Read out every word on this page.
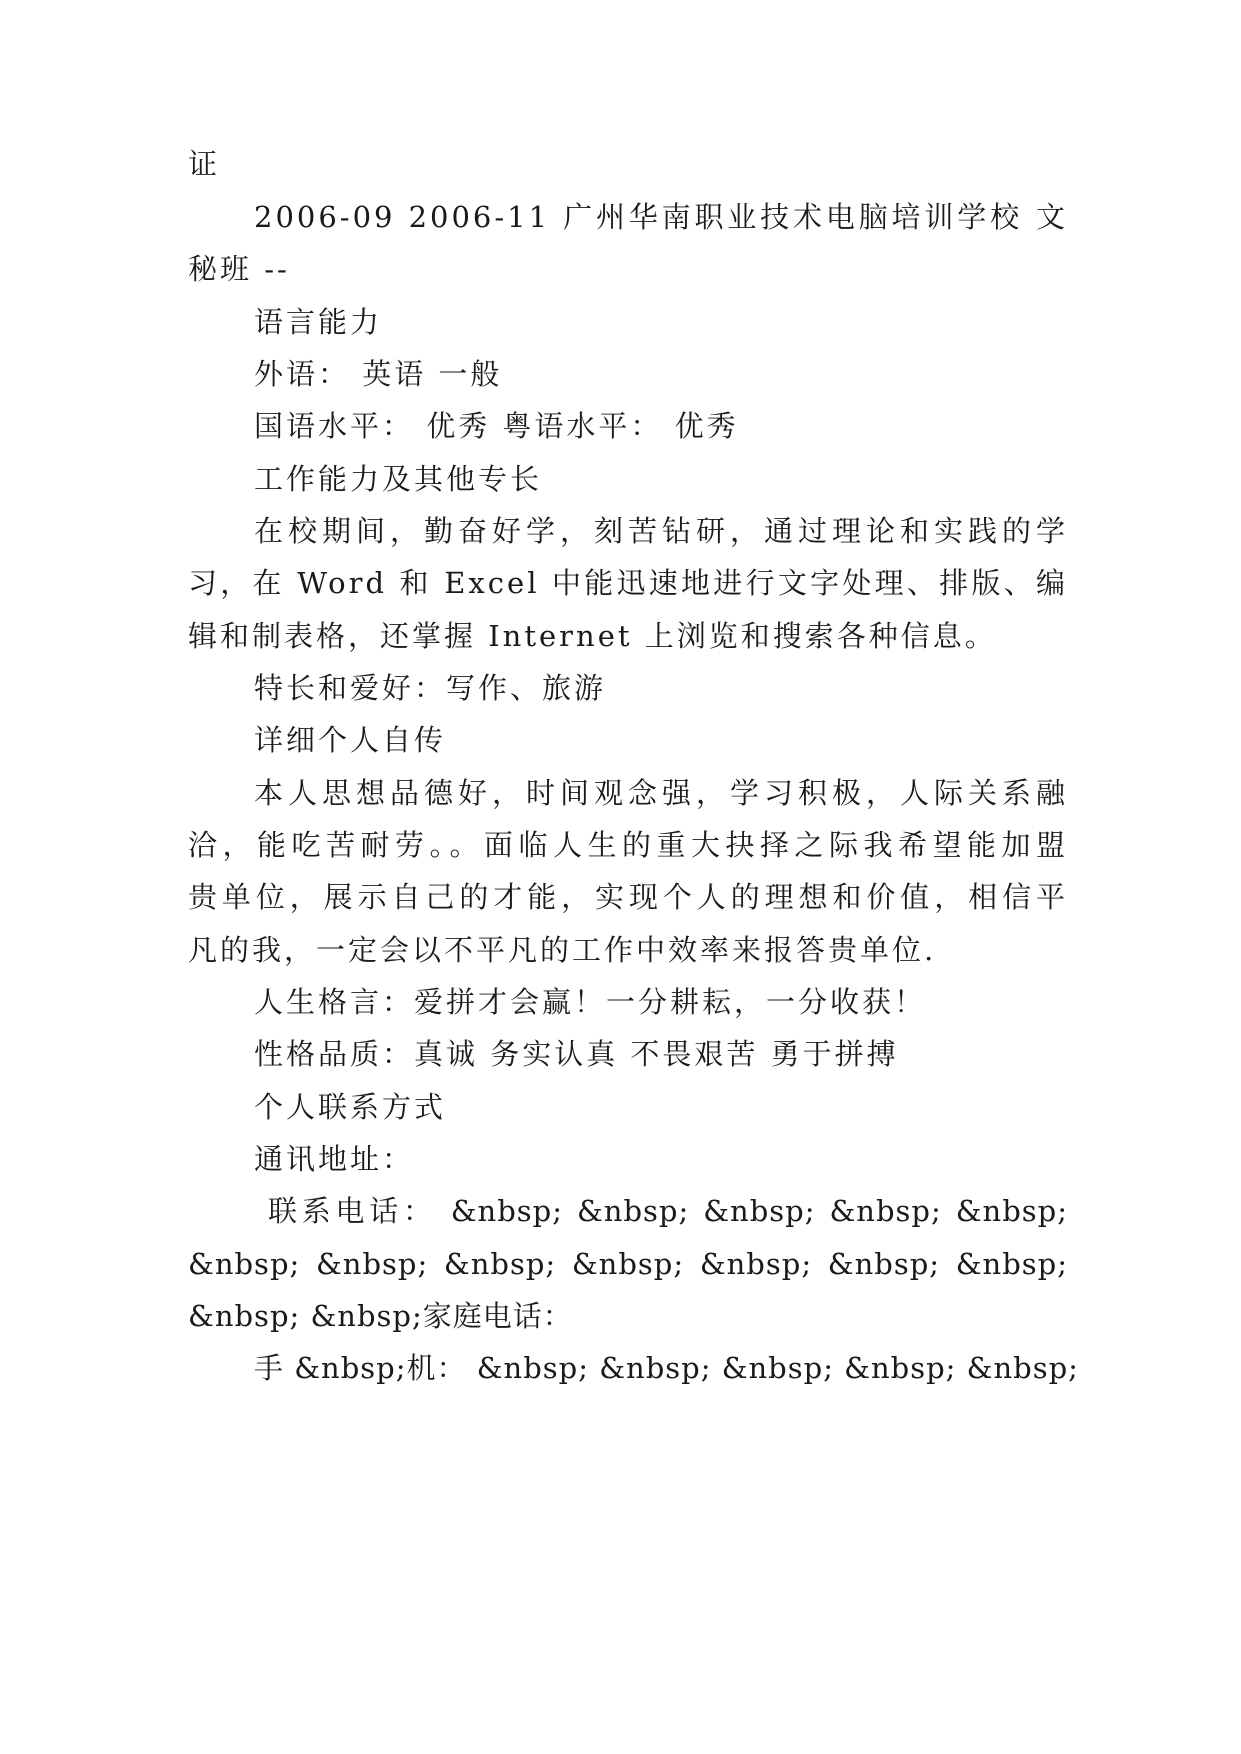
证
2006-09 2006-11 广州华南职业技术电脑培训学校 文
秘班 --
语言能力
外语： 英语 一般
国语水平： 优秀 粤语水平： 优秀
工作能力及其他专长
在校期间，勤奋好学，刻苦钻研，通过理论和实践的学
习，在 Word 和 Excel 中能迅速地进行文字处理、排版、编
辑和制表格，还掌握 Internet 上浏览和搜索各种信息。
特长和爱好：写作、旅游
详细个人自传
本人思想品德好，时间观念强，学习积极，人际关系融
洽，能吃苦耐劳。。面临人生的重大抉择之际我希望能加盟
贵单位，展示自己的才能，实现个人的理想和价值，相信平
凡的我，一定会以不平凡的工作中效率来报答贵单位.
人生格言：爱拼才会赢！一分耕耘，一分收获！
性格品质：真诚 务实认真 不畏艰苦 勇于拼搏
个人联系方式
通讯地址：
联系电话： &nbsp; &nbsp; &nbsp; &nbsp; &nbsp;
&nbsp; &nbsp; &nbsp; &nbsp; &nbsp; &nbsp; &nbsp;
&nbsp; &nbsp;家庭电话：
手 &nbsp;机： &nbsp; &nbsp; &nbsp; &nbsp; &nbsp;
